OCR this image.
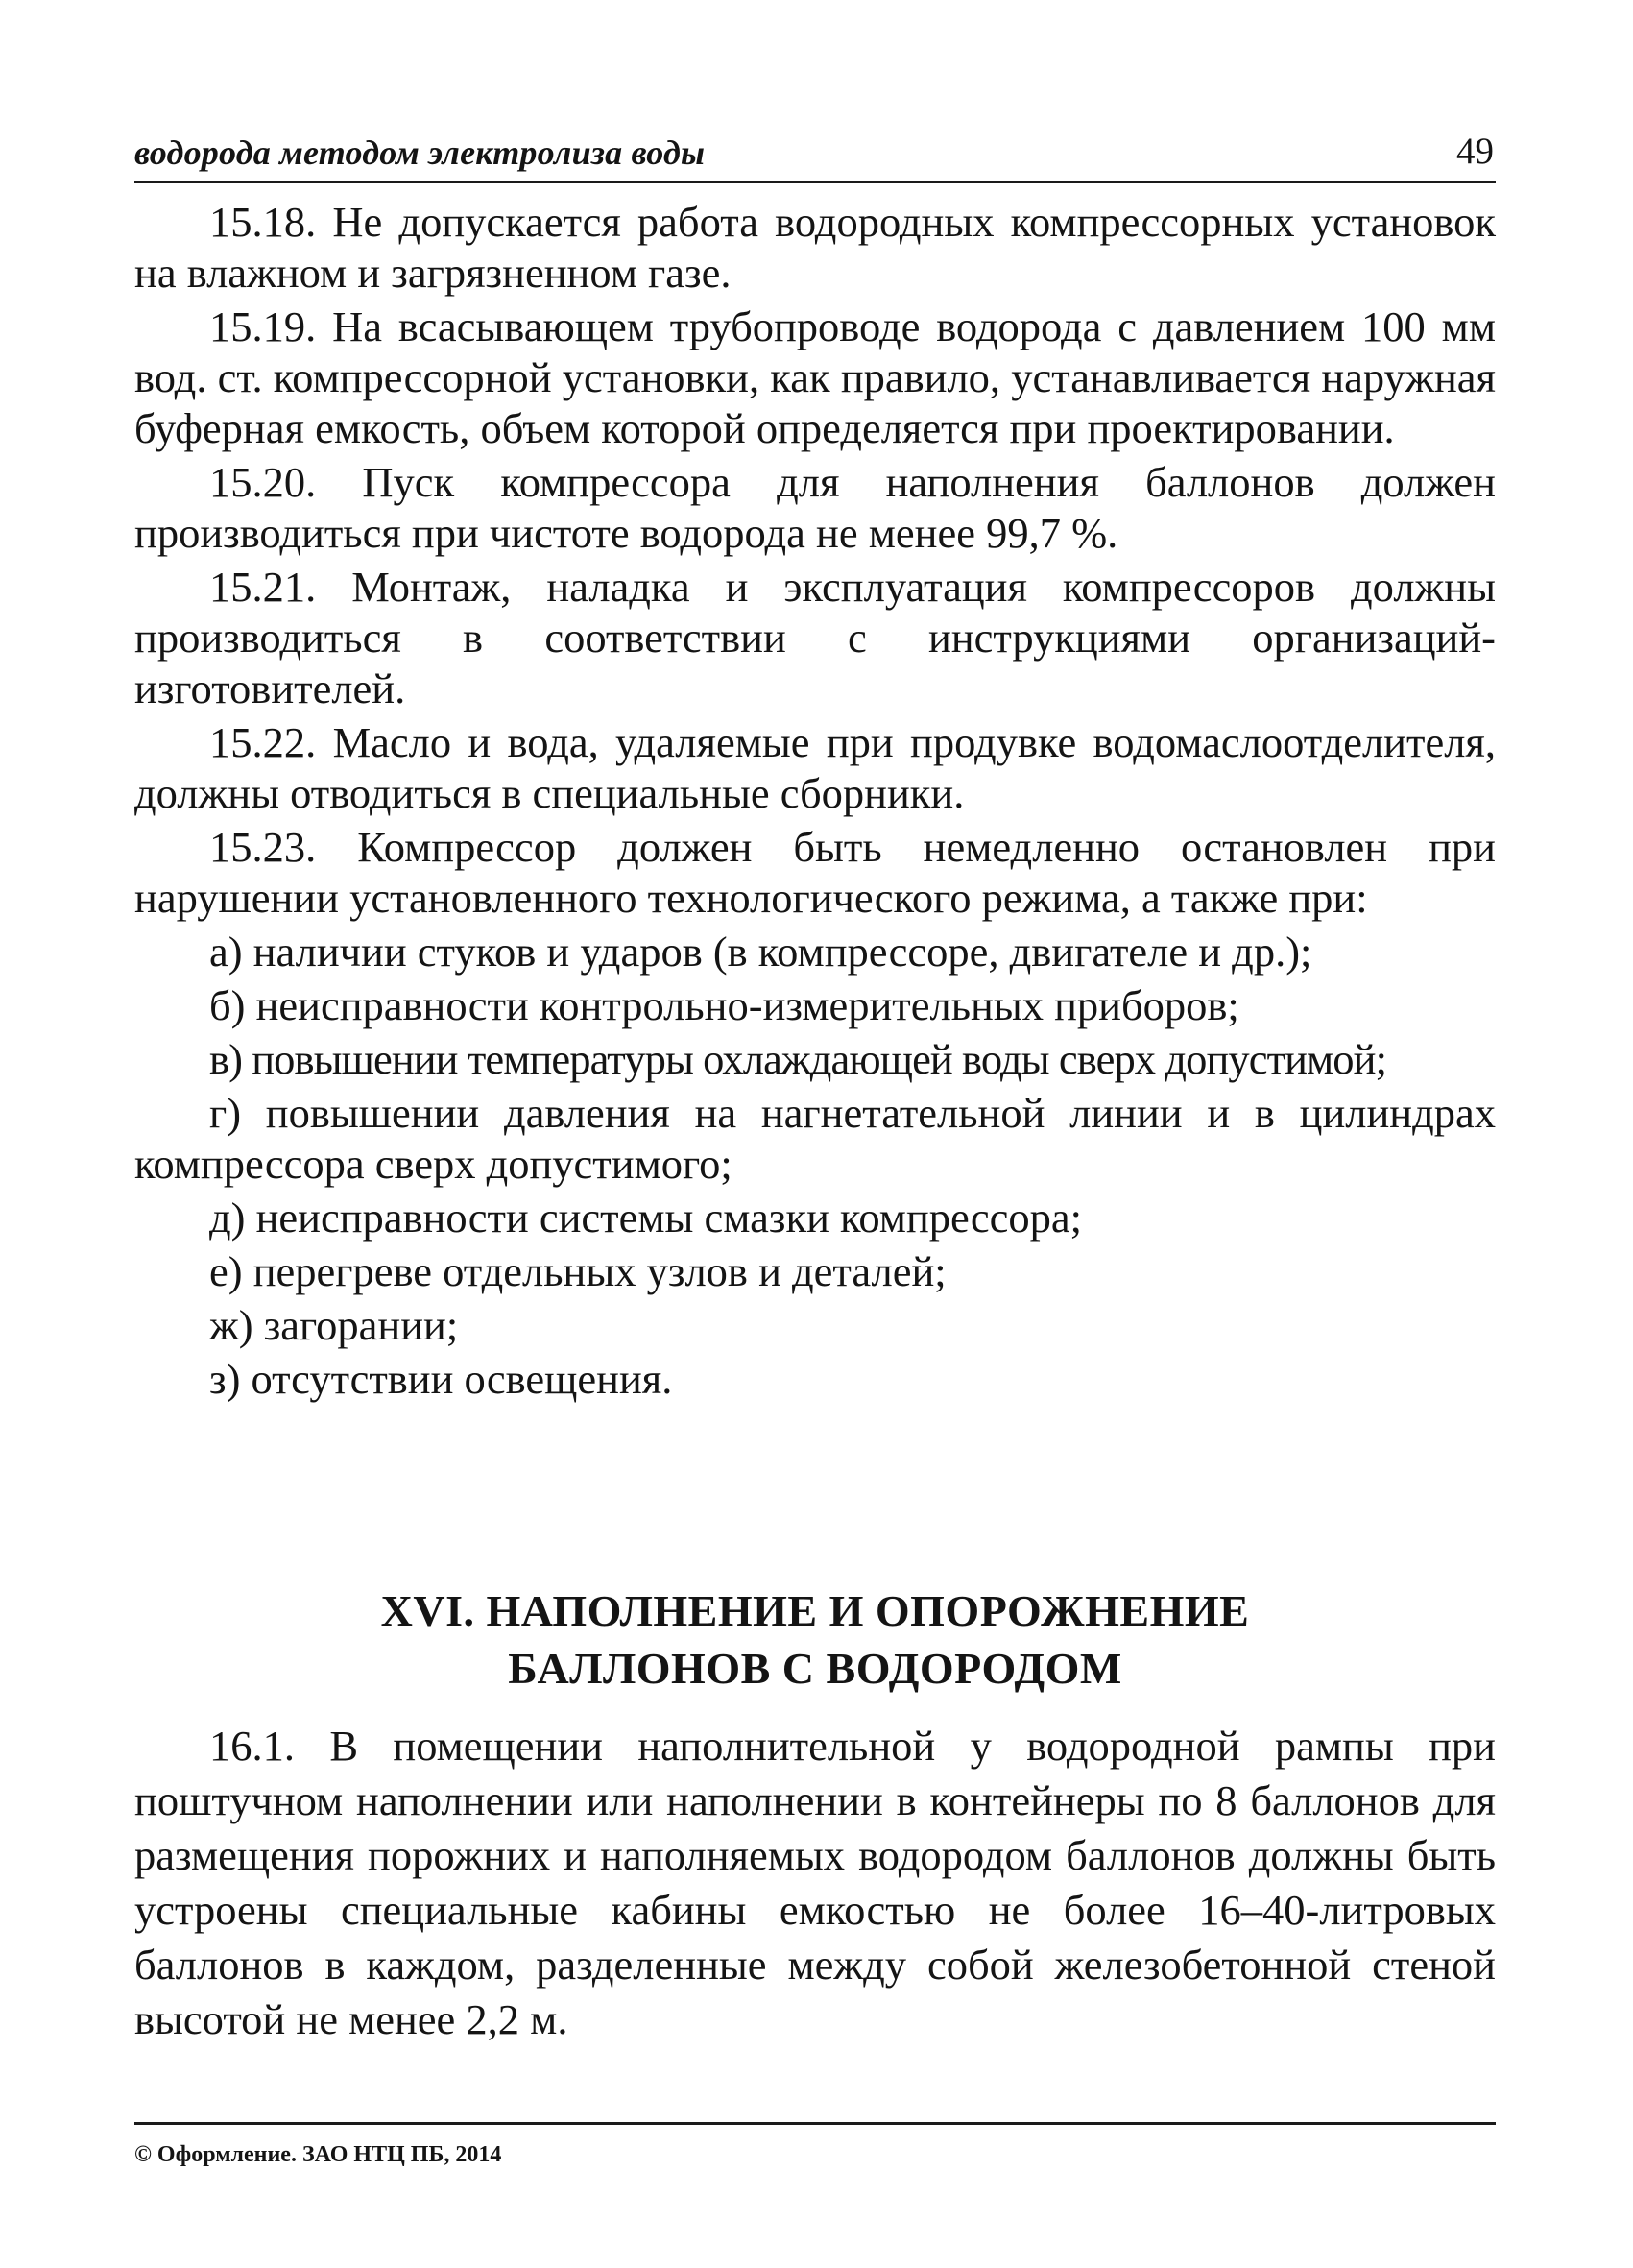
водорода методом электролиза воды	49

15.18. Не допускается работа водородных компрессорных установок на влажном и загрязненном газе.

15.19. На всасывающем трубопроводе водорода с давлением 100 мм вод. ст. компрессорной установки, как правило, устанавливается наружная буферная емкость, объем которой определяется при проектировании.

15.20. Пуск компрессора для наполнения баллонов должен производиться при чистоте водорода не менее 99,7 %.

15.21. Монтаж, наладка и эксплуатация компрессоров должны производиться в соответствии с инструкциями организаций-изготовителей.

15.22. Масло и вода, удаляемые при продувке водомаслоотделителя, должны отводиться в специальные сборники.

15.23. Компрессор должен быть немедленно остановлен при нарушении установленного технологического режима, а также при:

а) наличии стуков и ударов (в компрессоре, двигателе и др.);

б) неисправности контрольно-измерительных приборов;

в) повышении температуры охлаждающей воды сверх допустимой;

г) повышении давления на нагнетательной линии и в цилиндрах компрессора сверх допустимого;

д) неисправности системы смазки компрессора;

е) перегреве отдельных узлов и деталей;

ж) загорании;

з) отсутствии освещения.

XVI. НАПОЛНЕНИЕ И ОПОРОЖНЕНИЕ
БАЛЛОНОВ С ВОДОРОДОМ

16.1. В помещении наполнительной у водородной рампы при поштучном наполнении или наполнении в контейнеры по 8 баллонов для размещения порожних и наполняемых водородом баллонов должны быть устроены специальные кабины емкостью не более 16–40-литровых баллонов в каждом, разделенные между собой железобетонной стеной высотой не менее 2,2 м.

© Оформление. ЗАО НТЦ ПБ, 2014
